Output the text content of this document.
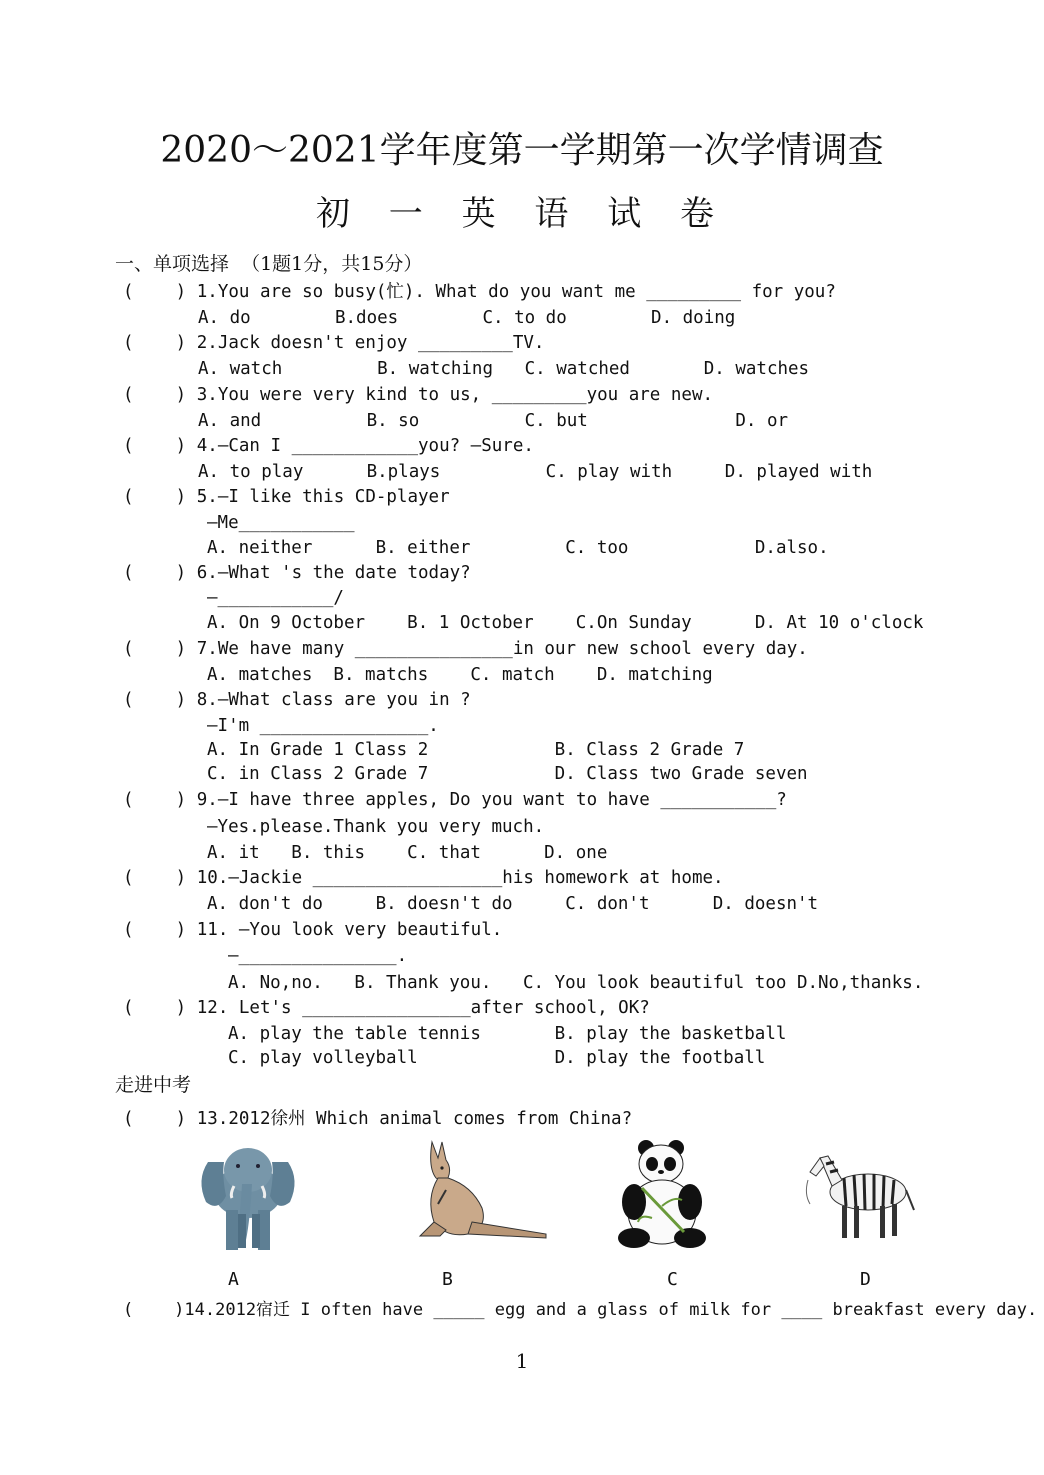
2020～2021学年度第一学期第一次学情调查
初 一 英 语 试 卷
一、单项选择  （1题1分，共15分）
(    ) 1.You are so busy(忙). What do you want me _________ for you?
A. do        B.does        C. to do        D. doing
(    ) 2.Jack doesn't enjoy _________TV.
A. watch         B. watching   C. watched       D. watches
(    ) 3.You were very kind to us, _________you are new.
A. and          B. so          C. but              D. or
(    ) 4.—Can I ____________you? —Sure.
A. to play      B.plays          C. play with     D. played with
(    ) 5.—I like this CD-player
—Me___________
A. neither      B. either         C. too            D.also.
(    ) 6.—What 's the date today?
—___________/
A. On 9 October    B. 1 October    C.On Sunday      D. At 10 o'clock
(    ) 7.We have many _______________in our new school every day.
A. matches  B. matchs    C. match    D. matching
(    ) 8.—What class are you in ?
—I'm ________________.
A. In Grade 1 Class 2            B. Class 2 Grade 7
C. in Class 2 Grade 7            D. Class two Grade seven
(    ) 9.—I have three apples, Do you want to have ___________?
—Yes.please.Thank you very much.
A. it   B. this    C. that      D. one
(    ) 10.—Jackie __________________his homework at home.
A. don't do     B. doesn't do     C. don't      D. doesn't
(    ) 11. —You look very beautiful.
—_______________.
A. No,no.   B. Thank you.   C. You look beautiful too D.No,thanks.
(    ) 12. Let's ________________after school, OK?
A. play the table tennis       B. play the basketball
C. play volleyball             D. play the football
走进中考
(    ) 13.2012徐州 Which animal comes from China?
A	B	C	D
(    )14.2012宿迁 I often have _____ egg and a glass of milk for ____ breakfast every day.
1
